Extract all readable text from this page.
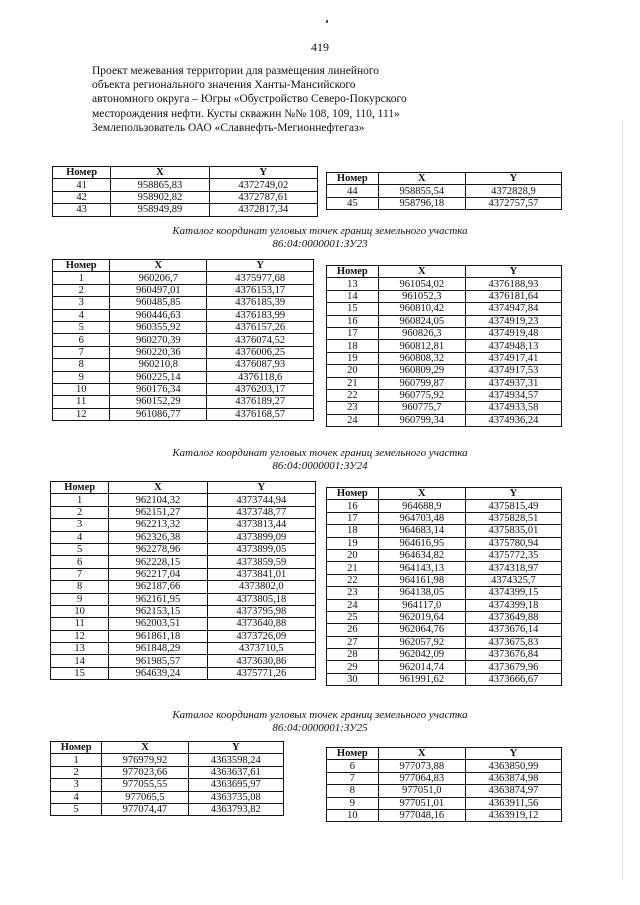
419
Проект межевания территории для размещения линейного
объекта регионального значения Ханты-Мансийского
автономного округа – Югры «Обустройство Северо-Покурского
месторождения нефти. Кусты скважин №№ 108, 109, 110, 111»
Землепользователь ОАО «Славнефть-Мегионнефтегаз»
Номер	X	Y
41	958865,83	4372749,02
42	958902,82	4372787,61
43	958949,89	4372817,34
Номер	X	Y
44	958855,54	4372828,9
45	958796,18	4372757,57
Каталог координат угловых точек границ земельного участка
86:04:0000001:ЗУ23
Номер	X	Y
1	960206,7	4375977,68
2	960497,01	4376153,17
3	960485,85	4376185,39
4	960446,63	4376183,99
5	960355,92	4376157,26
6	960270,39	4376074,52
7	960220,36	4376006,25
8	960210,8	4376087,93
9	960225,14	4376118,6
10	960176,34	4376203,17
11	960152,29	4376189,27
12	961086,77	4376168,57
Номер	X	Y
13	961054,02	4376188,93
14	961052,3	4376181,64
15	960810,42	4374947,84
16	960824,05	4374919,23
17	960826,3	4374919,48
18	960812,81	4374948,13
19	960808,32	4374917,41
20	960809,29	4374917,53
21	960799,87	4374937,31
22	960775,92	4374934,57
23	960775,7	4374933,58
24	960799,34	4374936,24
Каталог координат угловых точек границ земельного участка
86:04:0000001:ЗУ24
Номер	X	Y
1	962104,32	4373744,94
2	962151,27	4373748,77
3	962213,32	4373813,44
4	962326,38	4373899,09
5	962278,96	4373899,05
6	962228,15	4373859,59
7	962217,04	4373841,01
8	962187,66	4373802,0
9	962161,95	4373805,18
10	962153,15	4373795,98
11	962003,51	4373640,88
12	961861,18	4373726,09
13	961848,29	4373710,5
14	961985,57	4373630,86
15	964639,24	4375771,26
Номер	X	Y
16	964688,9	4375815,49
17	964703,48	4375828,51
18	964683,14	4375835,01
19	964616,95	4375780,94
20	964634,82	4375772,35
21	964143,13	4374318,97
22	964161,98	4374325,7
23	964138,05	4374399,15
24	964117,0	4374399,18
25	962019,64	4373649,88
26	962064,76	4373676,14
27	962057,92	4373675,83
28	962042,09	4373676,84
29	962014,74	4373679,96
30	961991,62	4373666,67
Каталог координат угловых точек границ земельного участка
86:04:0000001:ЗУ25
Номер	X	Y
1	976979,92	4363598,24
2	977023,66	4363637,61
3	977055,55	4363695,97
4	977065,5	4363735,08
5	977074,47	4363793,82
Номер	X	Y
6	977073,88	4363850,99
7	977064,83	4363874,98
8	977051,0	4363874,97
9	977051,01	4363911,56
10	977048,16	4363919,12
